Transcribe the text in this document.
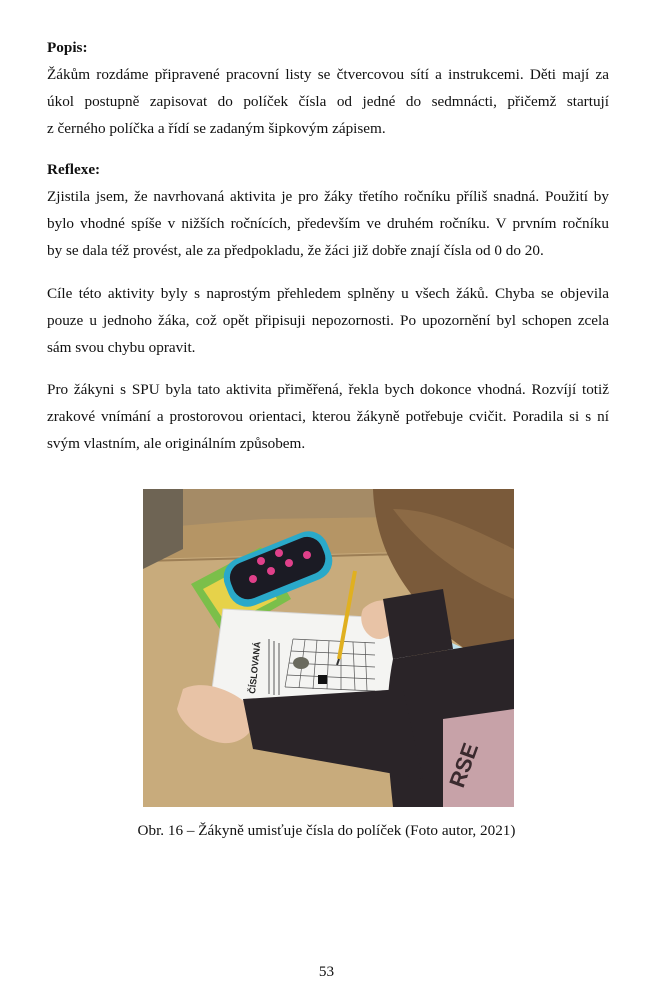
Popis:
Žákům rozdáme připravené pracovní listy se čtvercovou sítí a instrukcemi. Děti mají za
úkol postupně zapisovat do políček čísla od jedné do sedmnácti, přičemž startují
z černého políčka a řídí se zadaným šipkovým zápisem.
Reflexe:
Zjistila jsem, že navrhovaná aktivita je pro žáky třetího ročníku příliš snadná. Použití by
bylo vhodné spíše v nižších ročnících, především ve druhém ročníku. V prvním ročníku
by se dala též provést, ale za předpokladu, že žáci již dobře znají čísla od 0 do 20.
Cíle této aktivity byly s naprostým přehledem splněny u všech žáků. Chyba se objevila
pouze u jednoho žáka, což opět připisuji nepozornosti. Po upozornění byl schopen zcela
sám svou chybu opravit.
Pro žákyni s SPU byla tato aktivita přiměřená, řekla bych dokonce vhodná. Rozvíjí totiž
zrakové vnímání a prostorovou orientaci, kterou žákyně potřebuje cvičit. Poradila si s ní
svým vlastním, ale originálním způsobem.
ČÍSLOVANÁ
RSE
Obr. 16 – Žákyně umisťuje čísla do políček (Foto autor, 2021)
53
